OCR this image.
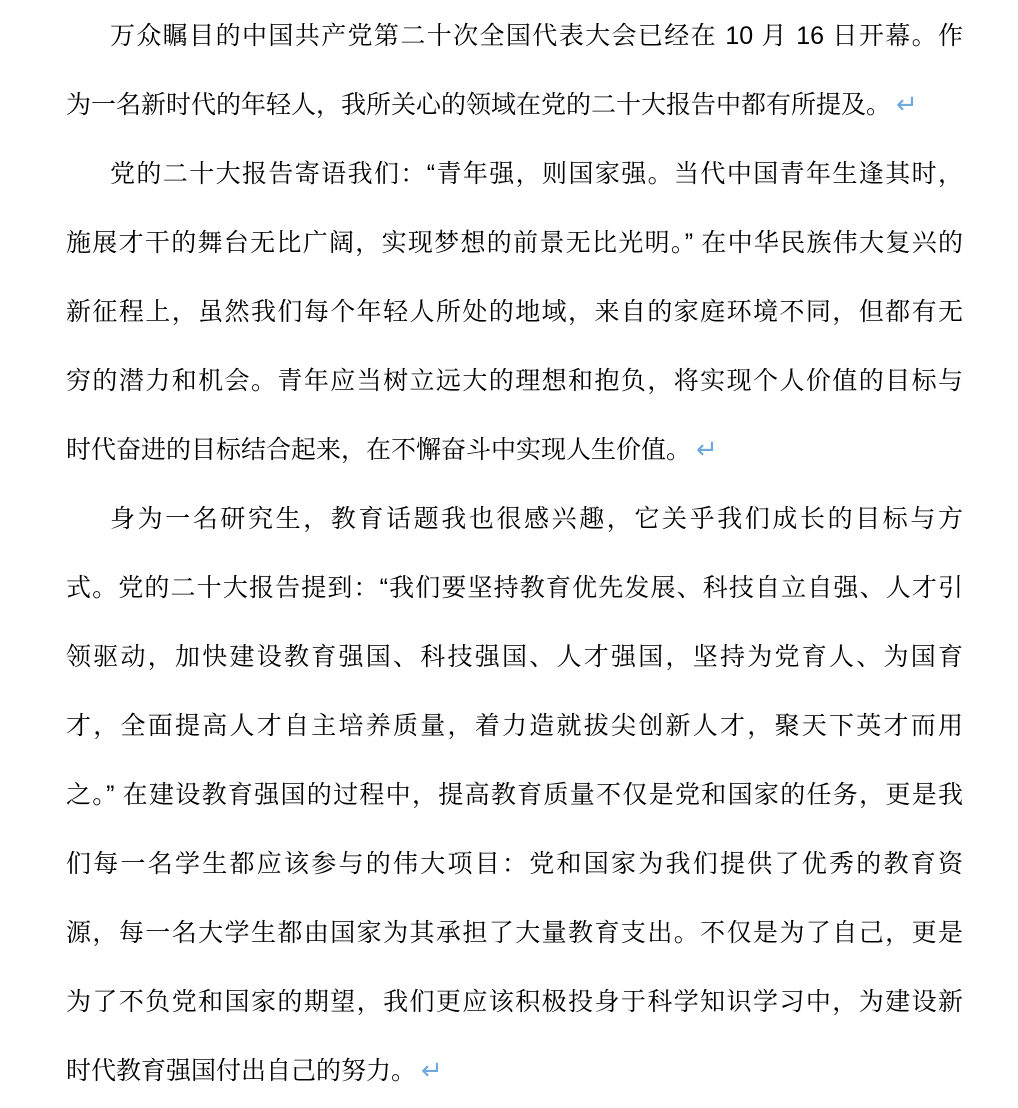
万众瞩目的中国共产党第二十次全国代表大会已经在 10 月 16 日开幕。作
为一名新时代的年轻人，我所关心的领域在党的二十大报告中都有所提及。 ↵
党的二十大报告寄语我们：“青年强，则国家强。当代中国青年生逢其时，
施展才干的舞台无比广阔，实现梦想的前景无比光明。” 在中华民族伟大复兴的
新征程上，虽然我们每个年轻人所处的地域，来自的家庭环境不同，但都有无
穷的潜力和机会。青年应当树立远大的理想和抱负，将实现个人价值的目标与
时代奋进的目标结合起来，在不懈奋斗中实现人生价值。 ↵
身为一名研究生，教育话题我也很感兴趣，它关乎我们成长的目标与方
式。党的二十大报告提到：“我们要坚持教育优先发展、科技自立自强、人才引
领驱动，加快建设教育强国、科技强国、人才强国，坚持为党育人、为国育
才，全面提高人才自主培养质量，着力造就拔尖创新人才，聚天下英才而用
之。” 在建设教育强国的过程中，提高教育质量不仅是党和国家的任务，更是我
们每一名学生都应该参与的伟大项目：党和国家为我们提供了优秀的教育资
源，每一名大学生都由国家为其承担了大量教育支出。不仅是为了自己，更是
为了不负党和国家的期望，我们更应该积极投身于科学知识学习中，为建设新
时代教育强国付出自己的努力。 ↵
